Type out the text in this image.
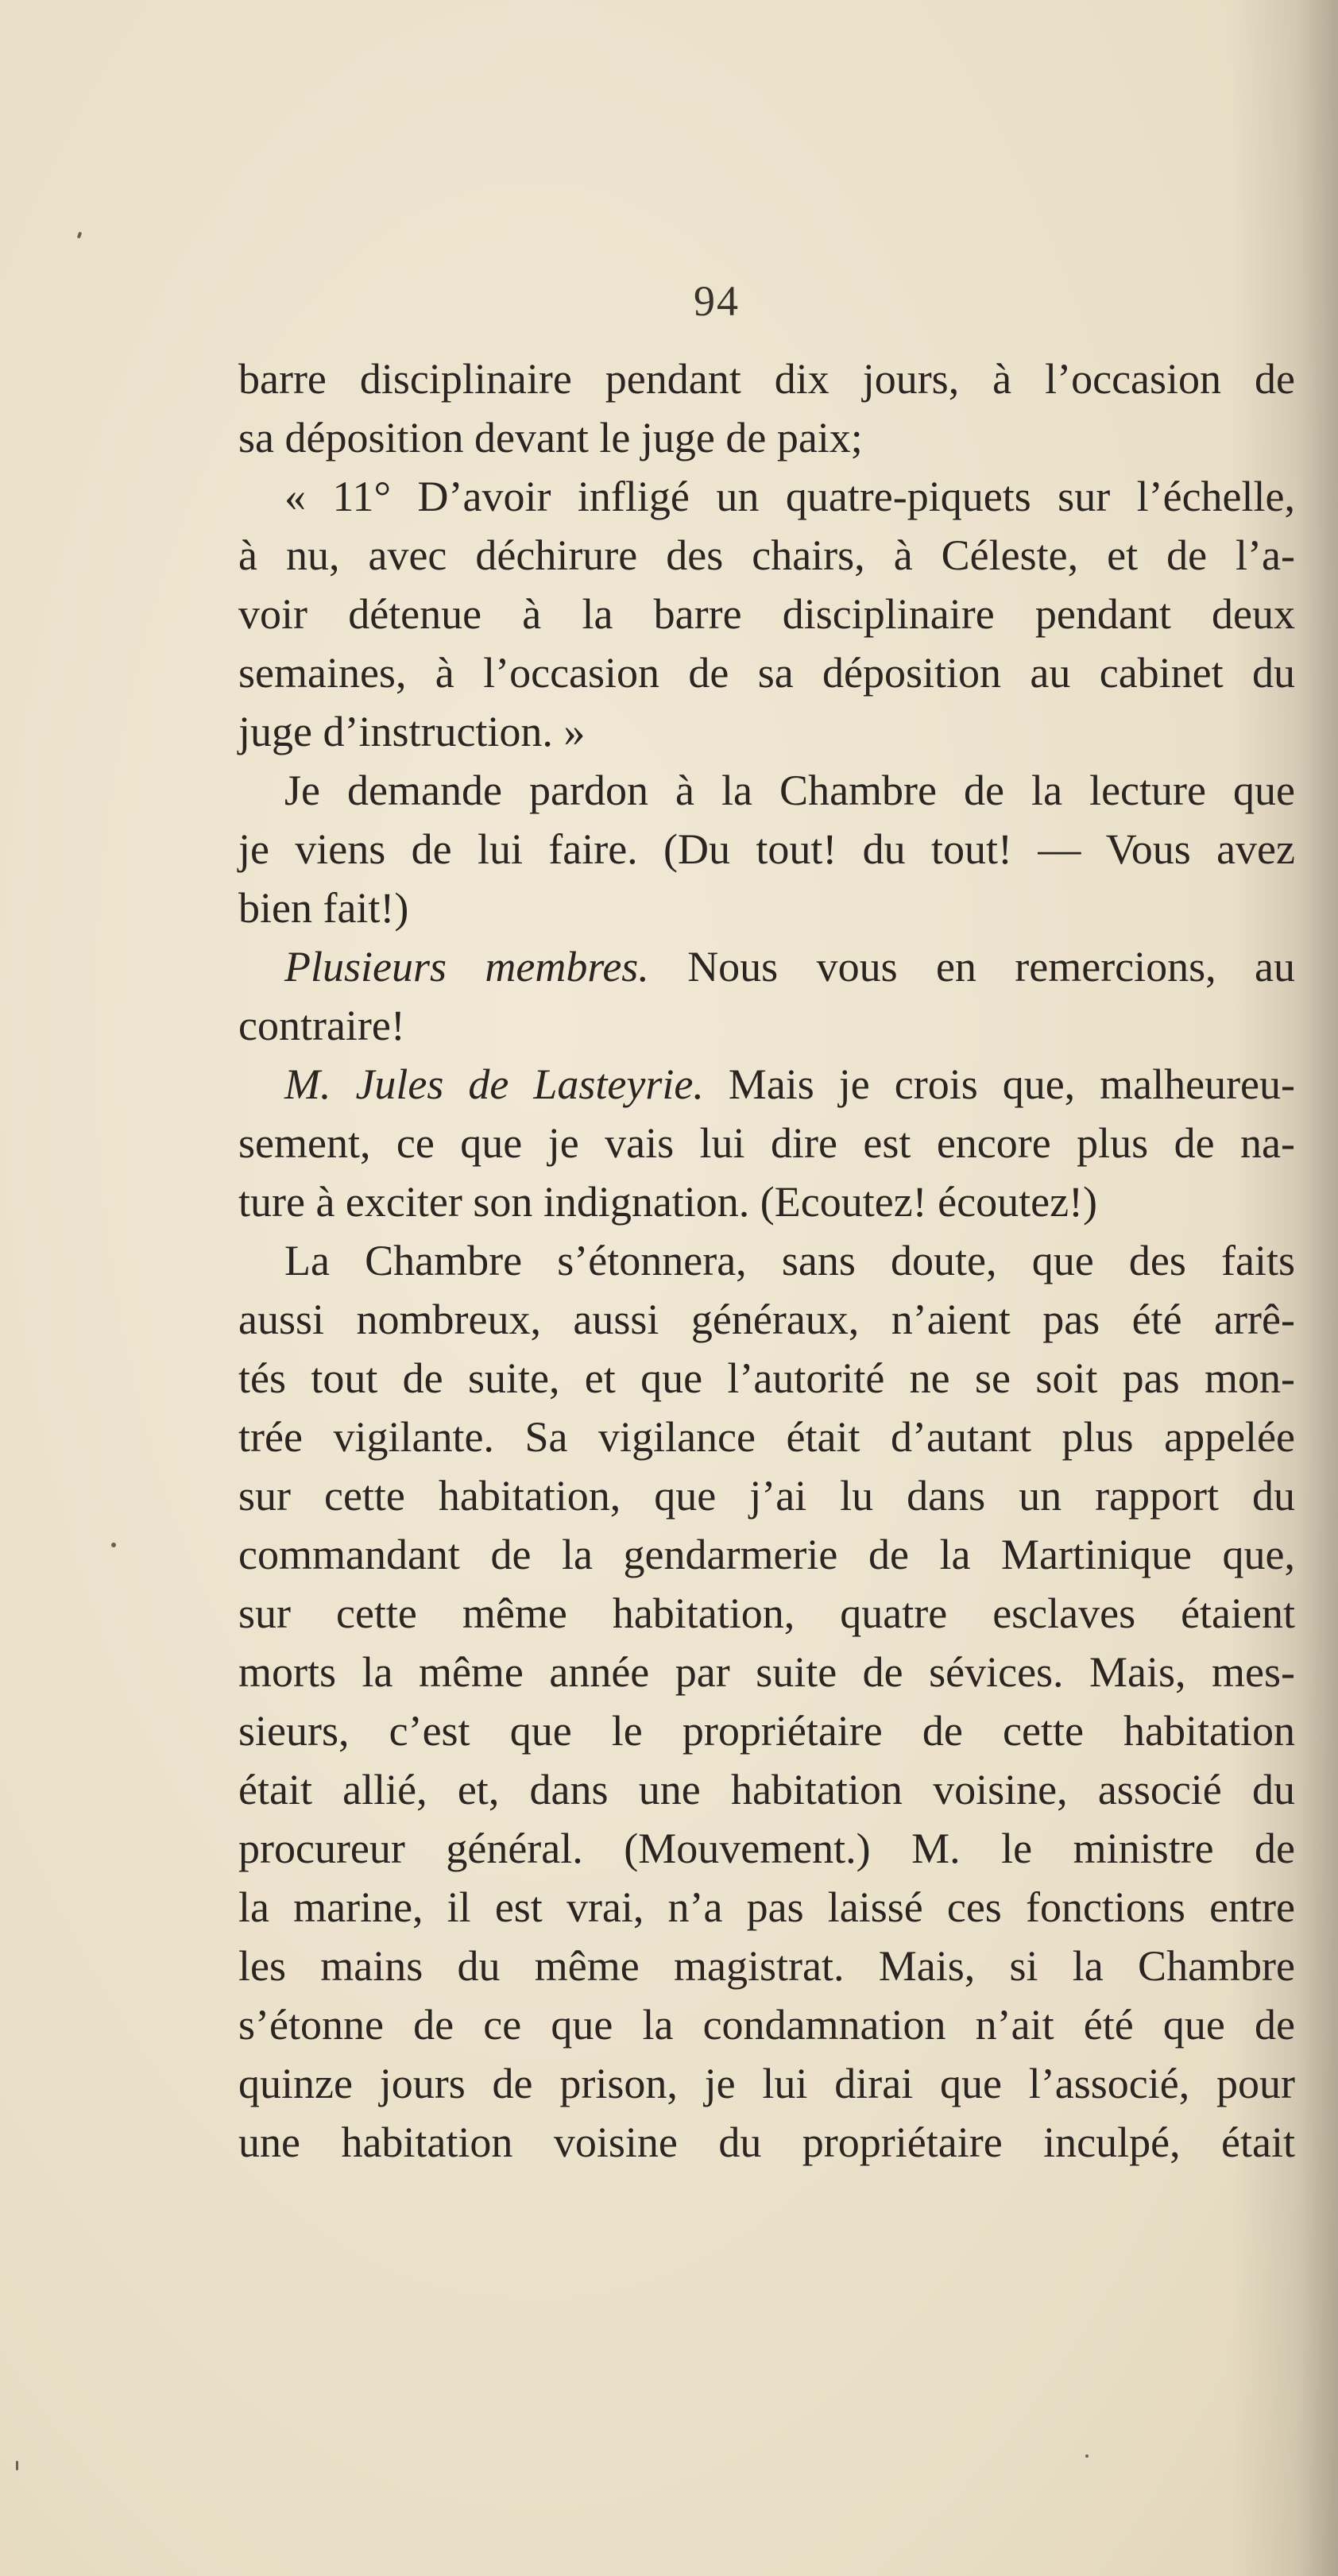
94
barre disciplinaire pendant dix jours, à l’occasion de
sa déposition devant le juge de paix;
« 11° D’avoir infligé un quatre-piquets sur l’échelle,
à nu, avec déchirure des chairs, à Céleste, et de l’a-
voir détenue à la barre disciplinaire pendant deux
semaines, à l’occasion de sa déposition au cabinet du
juge d’instruction. »
Je demande pardon à la Chambre de la lecture que
je viens de lui faire. (Du tout! du tout! — Vous avez
bien fait!)
Plusieurs membres. Nous vous en remercions, au
contraire!
M. Jules de Lasteyrie. Mais je crois que, malheureu-
sement, ce que je vais lui dire est encore plus de na-
ture à exciter son indignation. (Ecoutez! écoutez!)
La Chambre s’étonnera, sans doute, que des faits
aussi nombreux, aussi généraux, n’aient pas été arrê-
tés tout de suite, et que l’autorité ne se soit pas mon-
trée vigilante. Sa vigilance était d’autant plus appelée
sur cette habitation, que j’ai lu dans un rapport du
commandant de la gendarmerie de la Martinique que,
sur cette même habitation, quatre esclaves étaient
morts la même année par suite de sévices. Mais, mes-
sieurs, c’est que le propriétaire de cette habitation
était allié, et, dans une habitation voisine, associé du
procureur général. (Mouvement.) M. le ministre de
la marine, il est vrai, n’a pas laissé ces fonctions entre
les mains du même magistrat. Mais, si la Chambre
s’étonne de ce que la condamnation n’ait été que de
quinze jours de prison, je lui dirai que l’associé, pour
une habitation voisine du propriétaire inculpé, était
